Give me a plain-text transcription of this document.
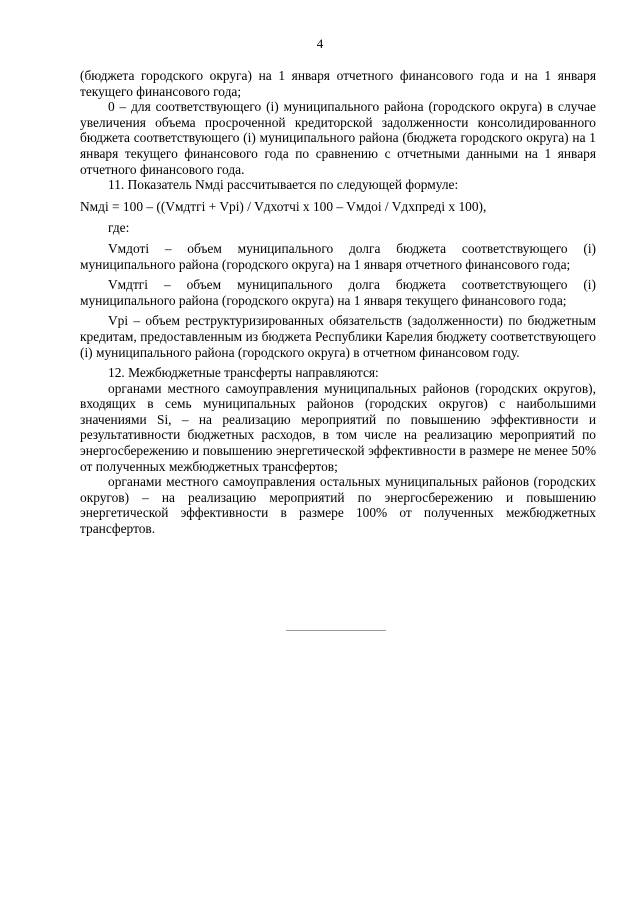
4

(бюджета городского округа) на 1 января отчетного финансового года и на 1 января текущего финансового года;

0 – для соответствующего (i) муниципального района (городского округа) в случае увеличения объема просроченной кредиторской задолженности консолидированного бюджета соответствующего (i) муниципального района (бюджета городского округа) на 1 января текущего финансового года по сравнению с отчетными данными на 1 января отчетного финансового года.

11. Показатель Nмдi рассчитывается по следующей формуле:

Nмдi = 100 – ((Vмдтгi + Vpi) / Vдхотчi x 100 – Vмдоi / Vдхпредi x 100),

где:

Vмдотi – объем муниципального долга бюджета соответствующего (i) муниципального района (городского округа) на 1 января отчетного финансового года;

Vмдтгi – объем муниципального долга бюджета соответствующего (i) муниципального района (городского округа) на 1 января текущего финансового года;

Vpi – объем реструктуризированных обязательств (задолженности) по бюджетным кредитам, предоставленным из бюджета Республики Карелия бюджету соответствующего (i) муниципального района (городского округа) в отчетном финансовом году.

12. Межбюджетные трансферты направляются:

органами местного самоуправления муниципальных районов (городских округов), входящих в семь муниципальных районов (городских округов) с наибольшими значениями Si, – на реализацию мероприятий по повышению эффективности и результативности бюджетных расходов, в том числе на реализацию мероприятий по энергосбережению и повышению энергетической эффективности в размере не менее 50% от полученных межбюджетных трансфертов;

органами местного самоуправления остальных муниципальных районов (городских округов) – на реализацию мероприятий по энергосбережению и повышению энергетической эффективности в размере 100% от полученных межбюджетных трансфертов.
